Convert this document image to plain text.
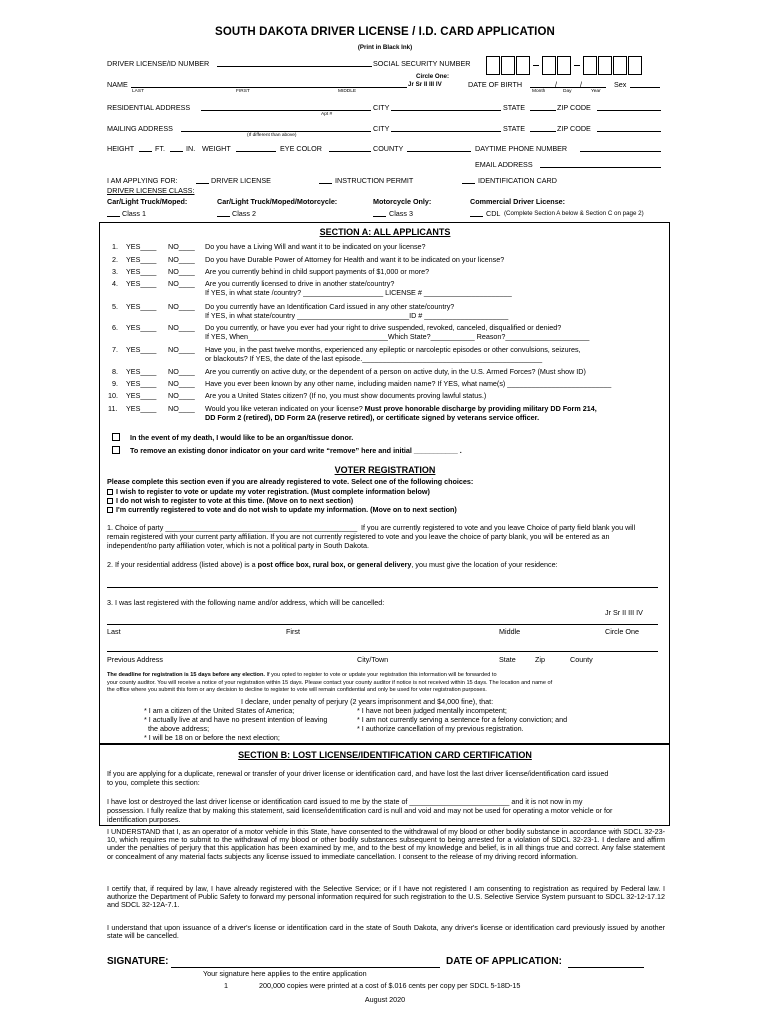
SOUTH DAKOTA DRIVER LICENSE / I.D. CARD APPLICATION
(Print in Black Ink)
DRIVER LICENSE/ID NUMBER	SOCIAL SECURITY NUMBER
Circle One:
NAME	Jr Sr II III IV	DATE OF BIRTH	/	/	Sex
LAST	FIRST	MIDDLE	Month	Day	Year
RESIDENTIAL ADDRESS	CITY	STATE	ZIP CODE
Apt #
MAILING ADDRESS	CITY	STATE	ZIP CODE
(If different than above)
HEIGHT	FT.	IN. WEIGHT	EYE COLOR	COUNTY	DAYTIME PHONE NUMBER
EMAIL ADDRESS
I AM APPLYING FOR:	DRIVER LICENSE	INSTRUCTION PERMIT	IDENTIFICATION CARD
DRIVER LICENSE CLASS:
Car/Light Truck/Moped:	Car/Light Truck/Moped/Motorcycle:	Motorcycle Only:	Commercial Driver License:
Class 1	Class 2	Class 3	CDL (Complete Section A below & Section C on page 2)
SECTION A: ALL APPLICANTS
1. YES____ NO____ Do you have a Living Will and want it to be indicated on your license?
2. YES____ NO____ Do you have Durable Power of Attorney for Health and want it to be indicated on your license?
3. YES____ NO____ Are you currently behind in child support payments of $1,000 or more?
4. YES____ NO____ Are you currently licensed to drive in another state/country?
If YES, in what state /country? ____________________ LICENSE # ______________________
5. YES____ NO____ Do you currently have an Identification Card issued in any other state/country?
If YES, in what state/country ____________________________ID # _____________________
6. YES____ NO____ Do you currently, or have you ever had your right to drive suspended, revoked, canceled, disqualified or denied?
If YES, When___________________________________Which State?___________ Reason?_____________________
7. YES____ NO____ Have you, in the past twelve months, experienced any epileptic or narcoleptic episodes or other convulsions, seizures,
or blackouts? If YES, the date of the last episode._____________________________________________
8. YES____ NO____ Are you currently on active duty, or the dependent of a person on active duty, in the U.S. Armed Forces? (Must show ID)
9. YES____ NO____ Have you ever been known by any other name, including maiden name? If YES, what name(s) __________________________
10. YES____ NO____ Are you a United States citizen? (If no, you must show documents proving lawful status.)
11. YES____ NO____ Would you like veteran indicated on your license? Must prove honorable discharge by providing military DD Form 214,
DD Form 2 (retired), DD Form 2A (reserve retired), or certificate signed by veterans service officer.
In the event of my death, I would like to be an organ/tissue donor.
To remove an existing donor indicator on your card write “remove” here and initial ___________ .
VOTER REGISTRATION
Please complete this section even if you are already registered to vote. Select one of the following choices:
I wish to register to vote or update my voter registration. (Must complete information below)
I do not wish to register to vote at this time. (Move on to next section)
I'm currently registered to vote and do not wish to update my information. (Move on to next section)
1. Choice of party ________________________________________________ If you are currently registered to vote and you leave Choice of party field blank you will
remain registered with your current party affiliation. If you are not currently registered to vote and you leave the choice of party blank, you will be entered as an
independent/no party affiliation voter, which is not a political party in South Dakota.
2. If your residential address (listed above) is a post office box, rural box, or general delivery, you must give the location of your residence:
3. I was last registered with the following name and/or address, which will be cancelled:
Jr Sr II III IV
Last	First	Middle	Circle One
Previous Address	City/Town	State	Zip	County
The deadline for registration is 15 days before any election. If you opted to register to vote or update your registration this information will be forwarded to
your county auditor. You will receive a notice of your registration within 15 days. Please contact your county auditor if notice is not received within 15 days. The location and name of
the office where you submit this form or any decision to decline to register to vote will remain confidential and only be used for voter registration purposes.
I declare, under penalty of perjury (2 years imprisonment and $4,000 fine), that:
* I am a citizen of the United States of America;
* I actually live at and have no present intention of leaving
the above address;
* I will be 18 on or before the next election;
* I have not been judged mentally incompetent;
* I am not currently serving a sentence for a felony conviction; and
* I authorize cancellation of my previous registration.
SECTION B: LOST LICENSE/IDENTIFICATION CARD CERTIFICATION
If you are applying for a duplicate, renewal or transfer of your driver license or identification card, and have lost the last driver license/identification card issued
to you, complete this section:
I have lost or destroyed the last driver license or identification card issued to me by the state of _________________________ and it is not now in my
possession. I fully realize that by making this statement, said license/identification card is null and void and may not be used for operating a motor vehicle or for
identification purposes.
I UNDERSTAND that I, as an operator of a motor vehicle in this State, have consented to the withdrawal of my blood or other bodily substance in accordance with SDCL 32-23-10, which requires me to submit to the withdrawal of my blood or other bodily substances subsequent to being arrested for a violation of SDCL 32-23-1. I declare and affirm under the penalties of perjury that this application has been examined by me, and to the best of my knowledge and belief, is in all things true and correct. Any false statement or concealment of any material facts subjects any license issued to immediate cancellation. I consent to the release of my driving record information.
I certify that, if required by law, I have already registered with the Selective Service; or if I have not registered I am consenting to registration as required by Federal law. I authorize the Department of Public Safety to forward my personal information required for such registration to the U.S. Selective Service System pursuant to SDCL 32-12-17.12 and SDCL 32-12A-7.1.
I understand that upon issuance of a driver's license or identification card in the state of South Dakota, any driver's license or identification card previously issued by another state will be cancelled.
SIGNATURE:	DATE OF APPLICATION:
Your signature here applies to the entire application
1	200,000 copies were printed at a cost of $.016 cents per copy per SDCL 5-18D-15
August 2020
